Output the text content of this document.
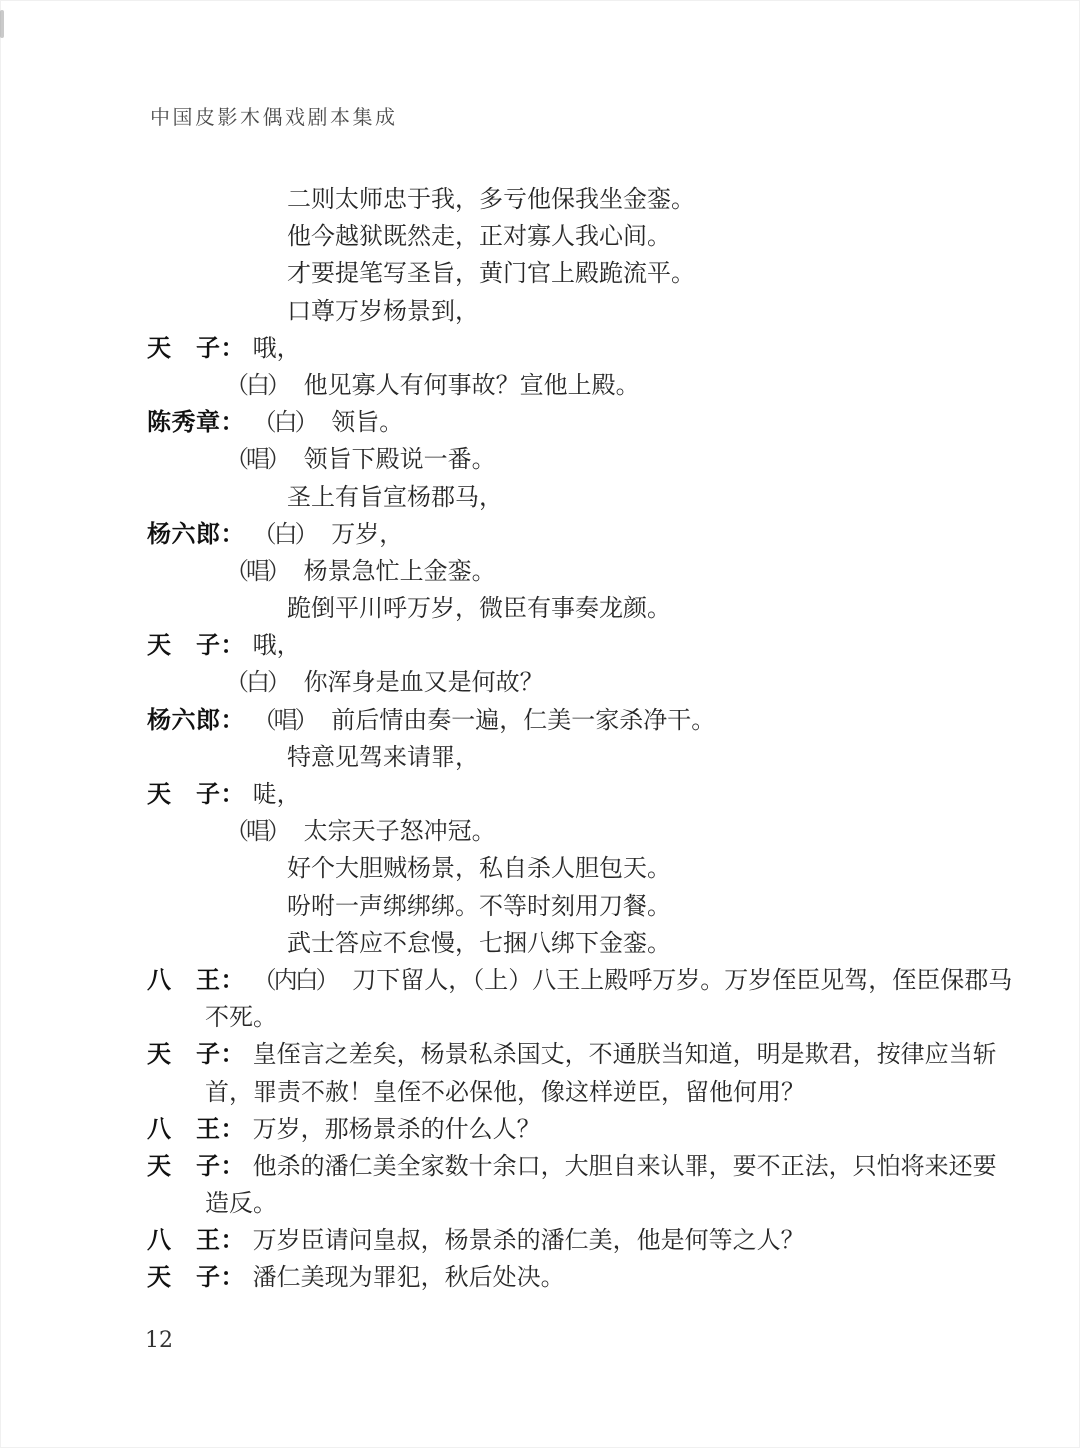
中国皮影木偶戏剧本集成
二则太师忠于我，多亏他保我坐金銮。
他今越狱既然走，正对寡人我心间。
才要提笔写圣旨，黄门官上殿跪流平。
口尊万岁杨景到，
天　子： 哦，
（白） 他见寡人有何事故？宣他上殿。
陈秀章： （白） 领旨。
（唱） 领旨下殿说一番。
圣上有旨宣杨郡马，
杨六郎： （白） 万岁，
（唱） 杨景急忙上金銮。
跪倒平川呼万岁，微臣有事奏龙颜。
天　子： 哦，
（白） 你浑身是血又是何故？
杨六郎： （唱） 前后情由奏一遍，仁美一家杀净干。
特意见驾来请罪，
天　子： 唗，
（唱） 太宗天子怒冲冠。
好个大胆贼杨景，私自杀人胆包天。
吩咐一声绑绑绑。不等时刻用刀餐。
武士答应不怠慢，七捆八绑下金銮。
八　王： （内白） 刀下留人，（上）八王上殿呼万岁。万岁侄臣见驾，侄臣保郡马
不死。
天　子： 皇侄言之差矣，杨景私杀国丈，不通朕当知道，明是欺君，按律应当斩
首，罪责不赦！皇侄不必保他，像这样逆臣，留他何用？
八　王： 万岁，那杨景杀的什么人？
天　子： 他杀的潘仁美全家数十余口，大胆自来认罪，要不正法，只怕将来还要
造反。
八　王： 万岁臣请问皇叔，杨景杀的潘仁美，他是何等之人？
天　子： 潘仁美现为罪犯，秋后处决。
12
